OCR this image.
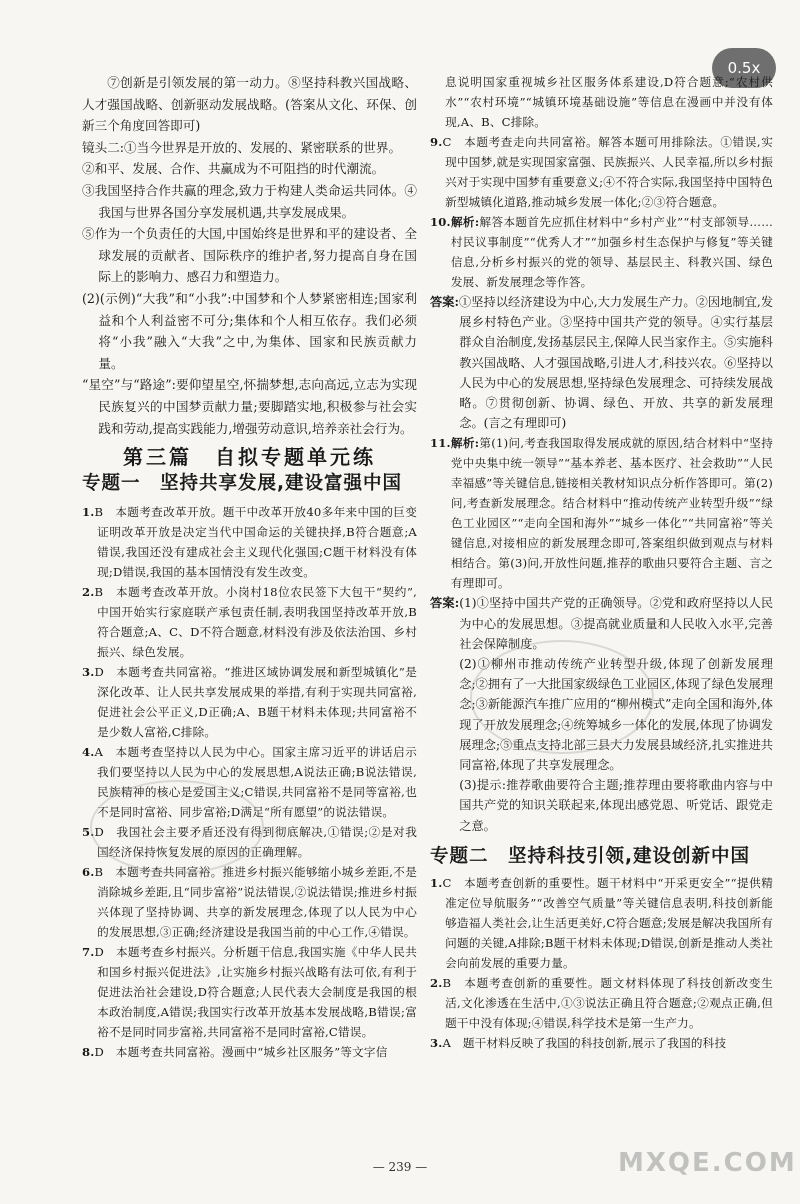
0.5x

⑦创新是引领发展的第一动力。⑧坚持科教兴国战略、人才强国战略、创新驱动发展战略。(答案从文化、环保、创新三个角度回答即可)

镜头二:①当今世界是开放的、发展的、紧密联系的世界。

②和平、发展、合作、共赢成为不可阻挡的时代潮流。

③我国坚持合作共赢的理念,致力于构建人类命运共同体。④我国与世界各国分享发展机遇,共享发展成果。

⑤作为一个负责任的大国,中国始终是世界和平的建设者、全球发展的贡献者、国际秩序的维护者,努力提高自身在国际上的影响力、感召力和塑造力。

(2)(示例)“大我”和“小我”:中国梦和个人梦紧密相连;国家利益和个人利益密不可分;集体和个人相互依存。我们必须将“小我”融入“大我”之中,为集体、国家和民族贡献力量。

“星空”与“路途”:要仰望星空,怀揣梦想,志向高远,立志为实现民族复兴的中国梦贡献力量;要脚踏实地,积极参与社会实践和劳动,提高实践能力,增强劳动意识,培养亲社会行为。

第三篇　自拟专题单元练
专题一　坚持共享发展,建设富强中国

1.B　本题考查改革开放。题干中改革开放40多年来中国的巨变证明改革开放是决定当代中国命运的关键抉择,B符合题意;A错误,我国还没有建成社会主义现代化强国;C题干材料没有体现;D错误,我国的基本国情没有发生改变。

2.B　本题考查改革开放。小岗村18位农民签下大包干“契约”,中国开始实行家庭联产承包责任制,表明我国坚持改革开放,B符合题意;A、C、D不符合题意,材料没有涉及依法治国、乡村振兴、绿色发展。

3.D　本题考查共同富裕。“推进区域协调发展和新型城镇化”是深化改革、让人民共享发展成果的举措,有利于实现共同富裕,促进社会公平正义,D正确;A、B题干材料未体现;共同富裕不是少数人富裕,C排除。

4.A　本题考查坚持以人民为中心。国家主席习近平的讲话启示我们要坚持以人民为中心的发展思想,A说法正确;B说法错误,民族精神的核心是爱国主义;C错误,共同富裕不是同等富裕,也不是同时富裕、同步富裕;D满足“所有愿望”的说法错误。

5.D　我国社会主要矛盾还没有得到彻底解决,①错误;②是对我国经济保持恢复发展的原因的正确理解。

6.B　本题考查共同富裕。推进乡村振兴能够缩小城乡差距,不是消除城乡差距,且“同步富裕”说法错误,②说法错误;推进乡村振兴体现了坚持协调、共享的新发展理念,体现了以人民为中心的发展思想,③正确;经济建设是我国当前的中心工作,④错误。

7.D　本题考查乡村振兴。分析题干信息,我国实施《中华人民共和国乡村振兴促进法》,让实施乡村振兴战略有法可依,有利于促进法治社会建设,D符合题意;人民代表大会制度是我国的根本政治制度,A错误;我国实行改革开放基本发展战略,B错误;富裕不是同时同步富裕,共同富裕不是同时富裕,C错误。

8.D　本题考查共同富裕。漫画中“城乡社区服务”等文字信

息说明国家重视城乡社区服务体系建设,D符合题意;“农村供水”“农村环境”“城镇环境基础设施”等信息在漫画中并没有体现,A、B、C排除。

9.C　本题考查走向共同富裕。解答本题可用排除法。①错误,实现中国梦,就是实现国家富强、民族振兴、人民幸福,所以乡村振兴对于实现中国梦有重要意义;④不符合实际,我国坚持中国特色新型城镇化道路,推动城乡发展一体化;②③符合题意。

10.解析:解答本题首先应抓住材料中“乡村产业”“村支部领导……村民议事制度”“优秀人才”“加强乡村生态保护与修复”等关键信息,分析乡村振兴的党的领导、基层民主、科教兴国、绿色发展、新发展理念等作答。

答案:①坚持以经济建设为中心,大力发展生产力。②因地制宜,发展乡村特色产业。③坚持中国共产党的领导。④实行基层群众自治制度,发扬基层民主,保障人民当家作主。⑤实施科教兴国战略、人才强国战略,引进人才,科技兴农。⑥坚持以人民为中心的发展思想,坚持绿色发展理念、可持续发展战略。⑦贯彻创新、协调、绿色、开放、共享的新发展理念。(言之有理即可)

11.解析:第(1)问,考查我国取得发展成就的原因,结合材料中“坚持党中央集中统一领导”“基本养老、基本医疗、社会救助”“人民幸福感”等关键信息,链接相关教材知识点分析作答即可。第(2)问,考查新发展理念。结合材料中“推动传统产业转型升级”“绿色工业园区”“走向全国和海外”“城乡一体化”“共同富裕”等关键信息,对接相应的新发展理念即可,答案组织做到观点与材料相结合。第(3)问,开放性问题,推荐的歌曲只要符合主题、言之有理即可。

答案:(1)①坚持中国共产党的正确领导。②党和政府坚持以人民为中心的发展思想。③提高就业质量和人民收入水平,完善社会保障制度。

(2)①柳州市推动传统产业转型升级,体现了创新发展理念;②拥有了一大批国家级绿色工业园区,体现了绿色发展理念;③新能源汽车推广应用的“柳州模式”走向全国和海外,体现了开放发展理念;④统筹城乡一体化的发展,体现了协调发展理念;⑤重点支持北部三县大力发展县域经济,扎实推进共同富裕,体现了共享发展理念。

(3)提示:推荐歌曲要符合主题;推荐理由要将歌曲内容与中国共产党的知识关联起来,体现出感党恩、听党话、跟党走之意。

专题二　坚持科技引领,建设创新中国

1.C　本题考查创新的重要性。题干材料中“开采更安全”“提供精准定位导航服务”“改善空气质量”等关键信息表明,科技创新能够造福人类社会,让生活更美好,C符合题意;发展是解决我国所有问题的关键,A排除;B题干材料未体现;D错误,创新是推动人类社会向前发展的重要力量。

2.B　本题考查创新的重要性。题文材料体现了科技创新改变生活,文化渗透在生活中,①③说法正确且符合题意;②观点正确,但题干中没有体现;④错误,科学技术是第一生产力。

3.A　题干材料反映了我国的科技创新,展示了我国的科技

— 239 —	MXQE.COM
